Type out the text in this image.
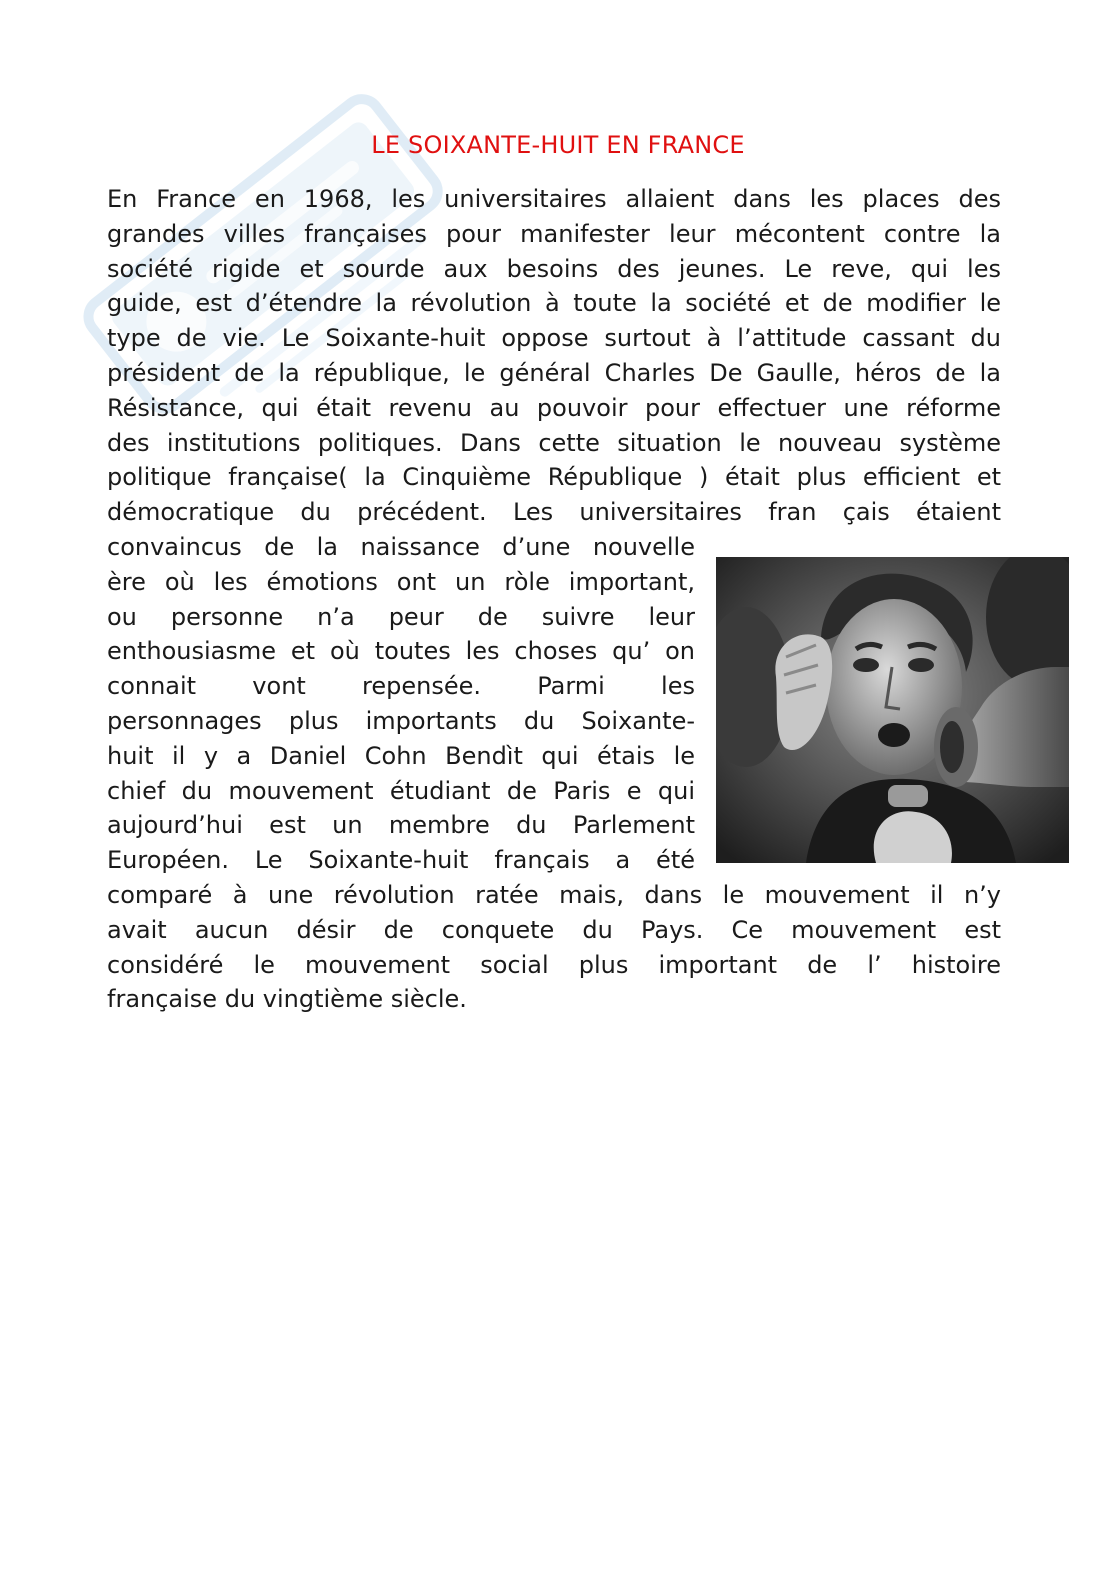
LE SOIXANTE-HUIT EN FRANCE
En France en 1968, les universitaires allaient dans les places des
grandes villes françaises pour manifester leur mécontent contre la
société rigide et sourde aux besoins des jeunes. Le reve, qui les
guide, est d’étendre la révolution à toute la société et de modifier le
type de vie. Le Soixante-huit oppose surtout à l’attitude cassant du
président de la république, le général Charles De Gaulle, héros de la
Résistance, qui était revenu au pouvoir pour effectuer une réforme
des institutions politiques. Dans cette situation le nouveau système
politique française( la Cinquième République ) était plus efficient et
démocratique du précédent. Les universitaires fran çais étaient
convaincus de la naissance d’une nouvelle
ère où les émotions ont un ròle important,
ou personne n’a peur de suivre leur
enthousiasme et où toutes les choses qu’ on
connait vont repensée. Parmi les
personnages plus importants du Soixante-
huit il y a Daniel Cohn Bendìt qui étais le
chief du mouvement étudiant de Paris e qui
aujourd’hui est un membre du Parlement
Européen. Le Soixante-huit français a été
comparé à une révolution ratée mais, dans le mouvement il n’y
avait aucun désir de conquete du Pays. Ce mouvement est
considéré le mouvement social plus important de l’ histoire
française du vingtième siècle.
